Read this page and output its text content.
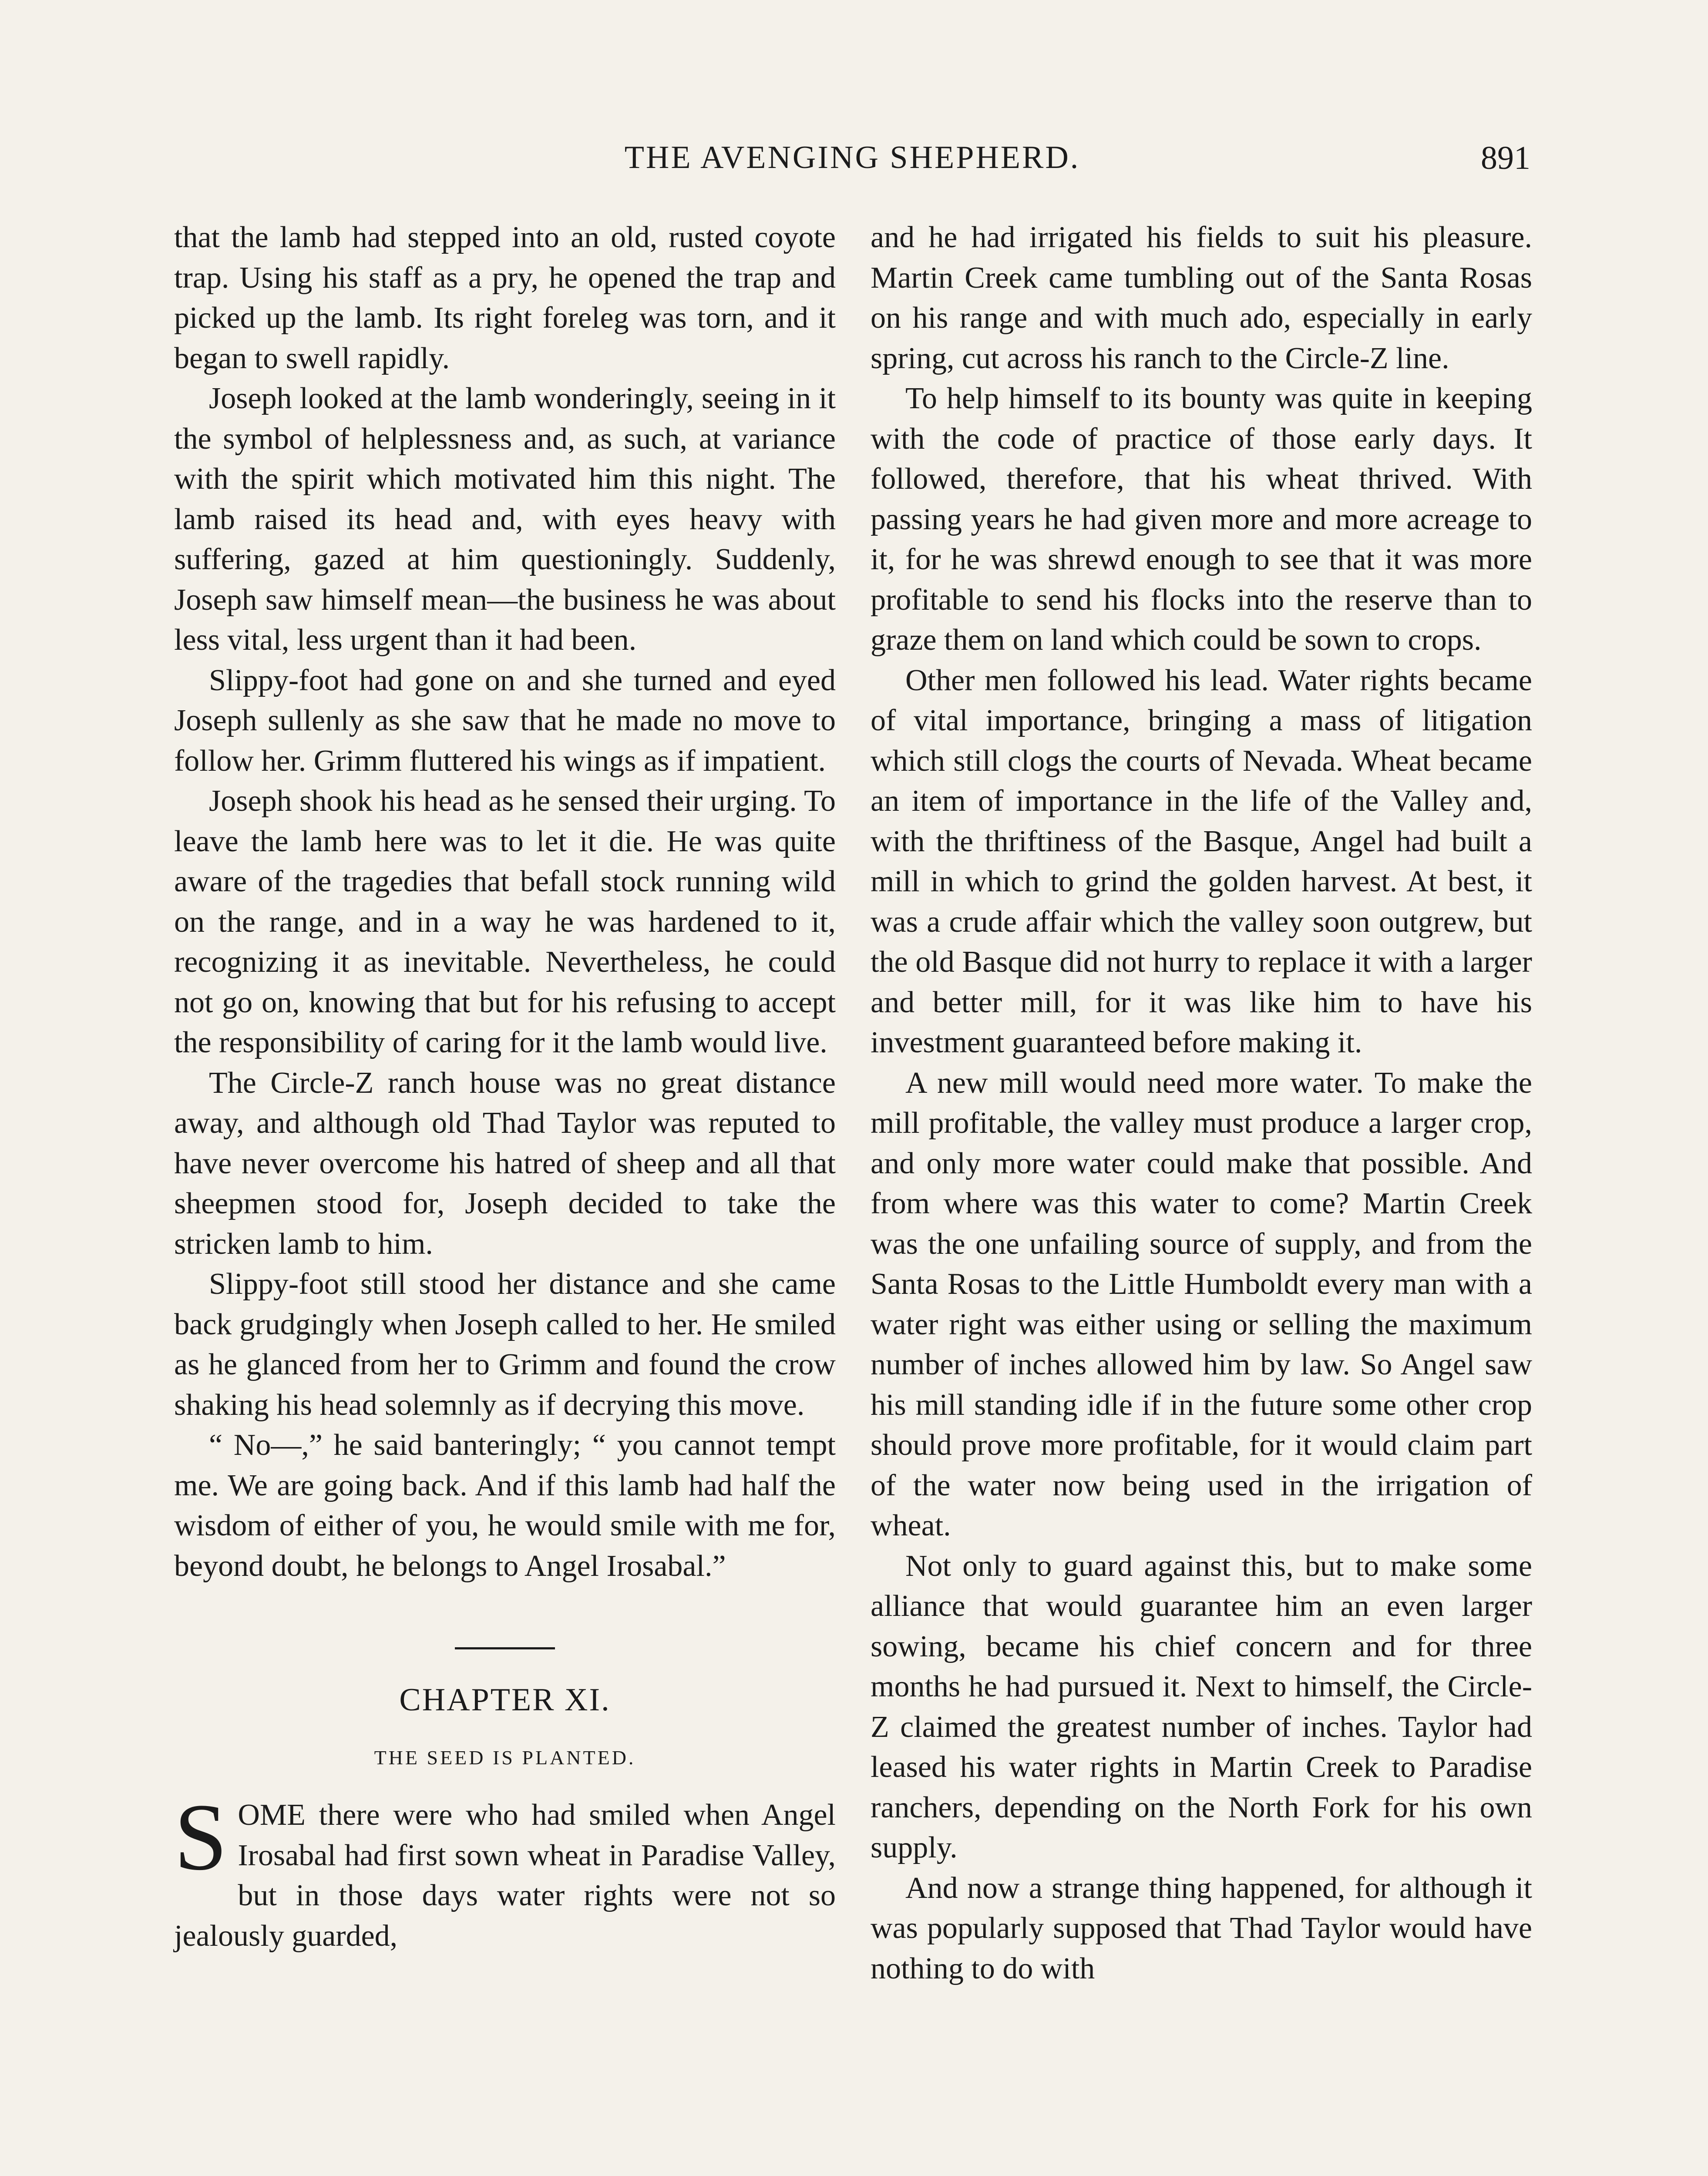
THE AVENGING SHEPHERD.	891

that the lamb had stepped into an old, rusted coyote trap. Using his staff as a pry, he opened the trap and picked up the lamb. Its right foreleg was torn, and it began to swell rapidly.

Joseph looked at the lamb wonderingly, seeing in it the symbol of helplessness and, as such, at variance with the spirit which motivated him this night. The lamb raised its head and, with eyes heavy with suffering, gazed at him questioningly. Suddenly, Joseph saw himself mean—the business he was about less vital, less urgent than it had been.

Slippy-foot had gone on and she turned and eyed Joseph sullenly as she saw that he made no move to follow her. Grimm fluttered his wings as if impatient.

Joseph shook his head as he sensed their urging. To leave the lamb here was to let it die. He was quite aware of the tragedies that befall stock running wild on the range, and in a way he was hardened to it, recognizing it as inevitable. Nevertheless, he could not go on, knowing that but for his refusing to accept the responsibility of caring for it the lamb would live.

The Circle-Z ranch house was no great distance away, and although old Thad Taylor was reputed to have never overcome his hatred of sheep and all that sheepmen stood for, Joseph decided to take the stricken lamb to him.

Slippy-foot still stood her distance and she came back grudgingly when Joseph called to her. He smiled as he glanced from her to Grimm and found the crow shaking his head solemnly as if decrying this move.

“ No—,” he said banteringly; “ you cannot tempt me. We are going back. And if this lamb had half the wisdom of either of you, he would smile with me for, beyond doubt, he belongs to Angel Irosabal.”

CHAPTER XI.
THE SEED IS PLANTED.

SOME there were who had smiled when Angel Irosabal had first sown wheat in Paradise Valley, but in those days water rights were not so jealously guarded,

and he had irrigated his fields to suit his pleasure. Martin Creek came tumbling out of the Santa Rosas on his range and with much ado, especially in early spring, cut across his ranch to the Circle-Z line.

To help himself to its bounty was quite in keeping with the code of practice of those early days. It followed, therefore, that his wheat thrived. With passing years he had given more and more acreage to it, for he was shrewd enough to see that it was more profitable to send his flocks into the reserve than to graze them on land which could be sown to crops.

Other men followed his lead. Water rights became of vital importance, bringing a mass of litigation which still clogs the courts of Nevada. Wheat became an item of importance in the life of the Valley and, with the thriftiness of the Basque, Angel had built a mill in which to grind the golden harvest. At best, it was a crude affair which the valley soon outgrew, but the old Basque did not hurry to replace it with a larger and better mill, for it was like him to have his investment guaranteed before making it.

A new mill would need more water. To make the mill profitable, the valley must produce a larger crop, and only more water could make that possible. And from where was this water to come? Martin Creek was the one unfailing source of supply, and from the Santa Rosas to the Little Humboldt every man with a water right was either using or selling the maximum number of inches allowed him by law. So Angel saw his mill standing idle if in the future some other crop should prove more profitable, for it would claim part of the water now being used in the irrigation of wheat.

Not only to guard against this, but to make some alliance that would guarantee him an even larger sowing, became his chief concern and for three months he had pursued it. Next to himself, the Circle-Z claimed the greatest number of inches. Taylor had leased his water rights in Martin Creek to Paradise ranchers, depending on the North Fork for his own supply.

And now a strange thing happened, for although it was popularly supposed that Thad Taylor would have nothing to do with
